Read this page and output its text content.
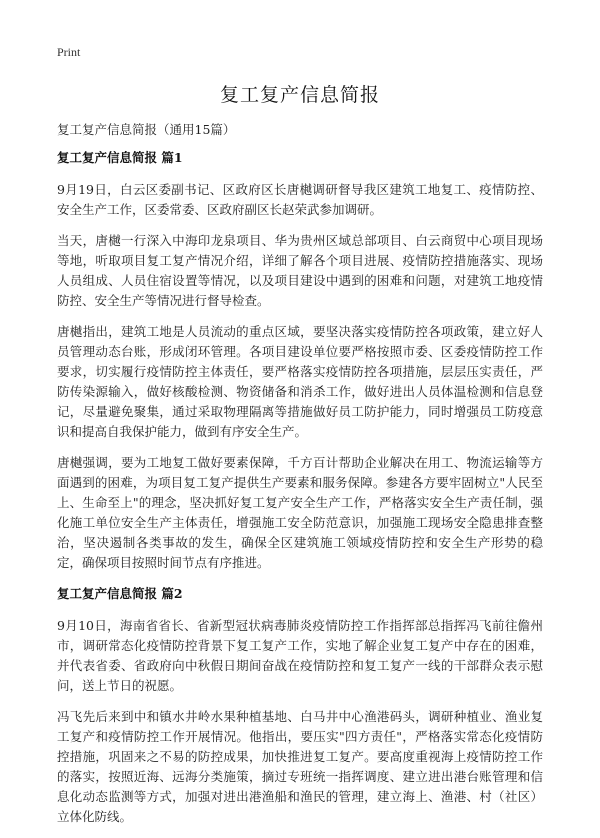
Print
复工复产信息简报

复工复产信息简报（通用15篇）

复工复产信息简报 篇1

9月19日，白云区委副书记、区政府区长唐樾调研督导我区建筑工地复工、疫情防控、安全生产工作，区委常委、区政府副区长赵荣武参加调研。

当天，唐樾一行深入中海印龙泉项目、华为贵州区域总部项目、白云商贸中心项目现场等地，听取项目复工复产情况介绍，详细了解各个项目进展、疫情防控措施落实、现场人员组成、人员住宿设置等情况，以及项目建设中遇到的困难和问题，对建筑工地疫情防控、安全生产等情况进行督导检查。

唐樾指出，建筑工地是人员流动的重点区域，要坚决落实疫情防控各项政策，建立好人员管理动态台账，形成闭环管理。各项目建设单位要严格按照市委、区委疫情防控工作要求，切实履行疫情防控主体责任，要严格落实疫情防控各项措施，层层压实责任，严防传染源输入，做好核酸检测、物资储备和消杀工作，做好进出人员体温检测和信息登记，尽量避免聚集，通过采取物理隔离等措施做好员工防护能力，同时增强员工防疫意识和提高自我保护能力，做到有序安全生产。

唐樾强调，要为工地复工做好要素保障，千方百计帮助企业解决在用工、物流运输等方面遇到的困难，为项目复工复产提供生产要素和服务保障。参建各方要牢固树立"人民至上、生命至上"的理念，坚决抓好复工复产安全生产工作，严格落实安全生产责任制，强化施工单位安全生产主体责任，增强施工安全防范意识，加强施工现场安全隐患排查整治，坚决遏制各类事故的发生，确保全区建筑施工领域疫情防控和安全生产形势的稳定，确保项目按照时间节点有序推进。

复工复产信息简报 篇2

9月10日，海南省省长、省新型冠状病毒肺炎疫情防控工作指挥部总指挥冯飞前往儋州市，调研常态化疫情防控背景下复工复产工作，实地了解企业复工复产中存在的困难，并代表省委、省政府向中秋假日期间奋战在疫情防控和复工复产一线的干部群众表示慰问，送上节日的祝愿。

冯飞先后来到中和镇水井岭水果种植基地、白马井中心渔港码头，调研种植业、渔业复工复产和疫情防控工作开展情况。他指出，要压实"四方责任"，严格落实常态化疫情防控措施，巩固来之不易的防控成果，加快推进复工复产。要高度重视海上疫情防控工作的落实，按照近海、远海分类施策，摘过专班统一指挥调度、建立进出港台账管理和信息化动态监测等方式，加强对进出港渔船和渔民的管理，建立海上、渔港、村（社区）立体化防线。
